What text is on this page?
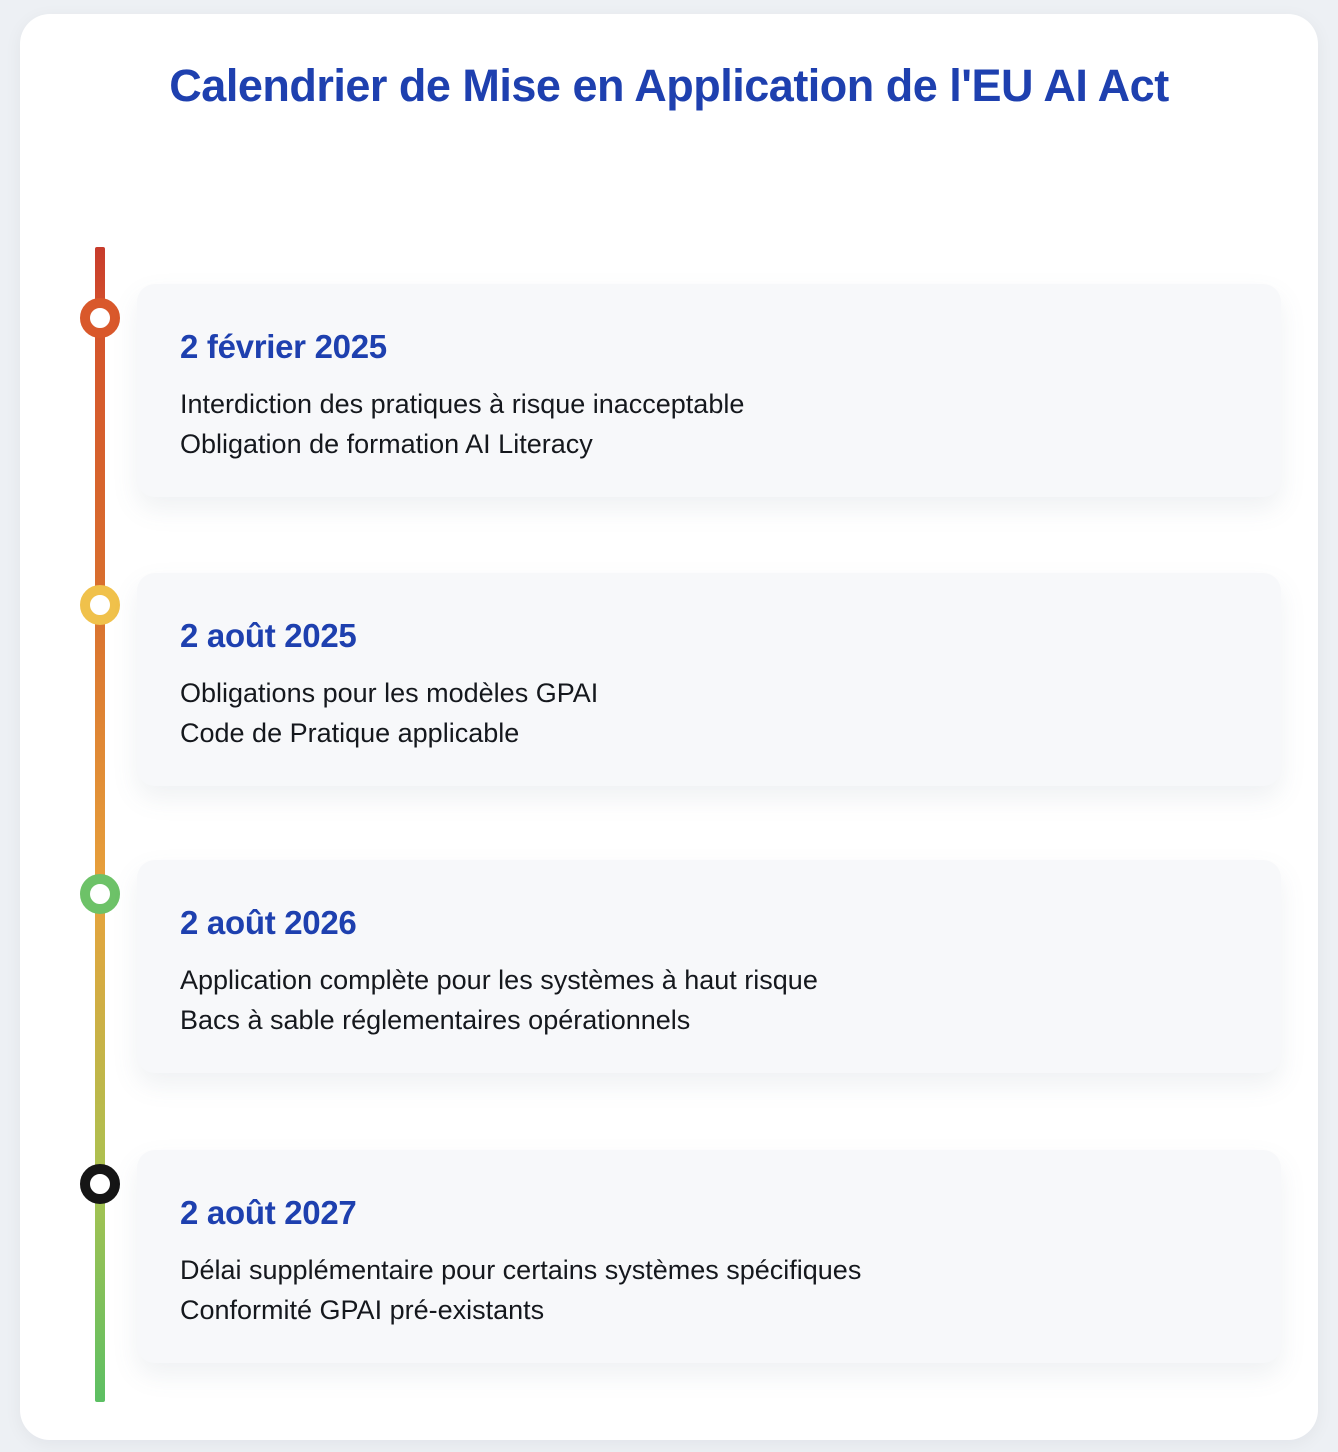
Calendrier de Mise en Application de l'EU AI Act
2 février 2025

Interdiction des pratiques à risque inacceptable

Obligation de formation AI Literacy

2 août 2025

Obligations pour les modèles GPAI

Code de Pratique applicable

2 août 2026

Application complète pour les systèmes à haut risque

Bacs à sable réglementaires opérationnels

2 août 2027

Délai supplémentaire pour certains systèmes spécifiques

Conformité GPAI pré-existants
